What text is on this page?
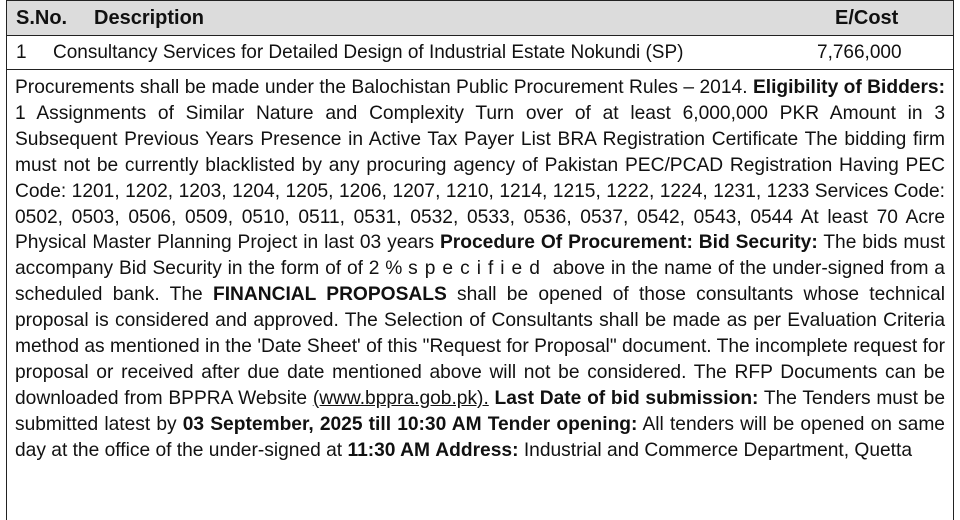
S.No. Description	E/Cost
1 Consultancy Services for Detailed Design of Industrial Estate Nokundi (SP)	7,766,000
Procurements shall be made under the Balochistan Public Procurement Rules – 2014. Eligibility of Bidders: 1 Assignments of Similar Nature and Complexity Turn over of at least 6,000,000 PKR Amount in 3 Subsequent Previous Years Presence in Active Tax Payer List BRA Registration Certificate The bidding firm must not be currently blacklisted by any procuring agency of Pakistan PEC/PCAD Registration Having PEC Code: 1201, 1202, 1203, 1204, 1205, 1206, 1207, 1210, 1214, 1215, 1222, 1224, 1231, 1233 Services Code: 0502, 0503, 0506, 0509, 0510, 0511, 0531, 0532, 0533, 0536, 0537, 0542, 0543, 0544 At least 70 Acre Physical Master Planning Project in last 03 years Procedure Of Procurement: Bid Security: The bids must accompany Bid Security in the form of of 2 % specified above in the name of the under-signed from a scheduled bank. The FINANCIAL PROPOSALS shall be opened of those consultants whose technical proposal is considered and approved. The Selection of Consultants shall be made as per Evaluation Criteria method as mentioned in the 'Date Sheet' of this "Request for Proposal" document. The incomplete request for proposal or received after due date mentioned above will not be considered. The RFP Documents can be downloaded from BPPRA Website (www.bppra.gob.pk). Last Date of bid submission: The Tenders must be submitted latest by 03 September, 2025 till 10:30 AM Tender opening: All tenders will be opened on same day at the office of the under-signed at 11:30 AM Address: Industrial and Commerce Department, Quetta
